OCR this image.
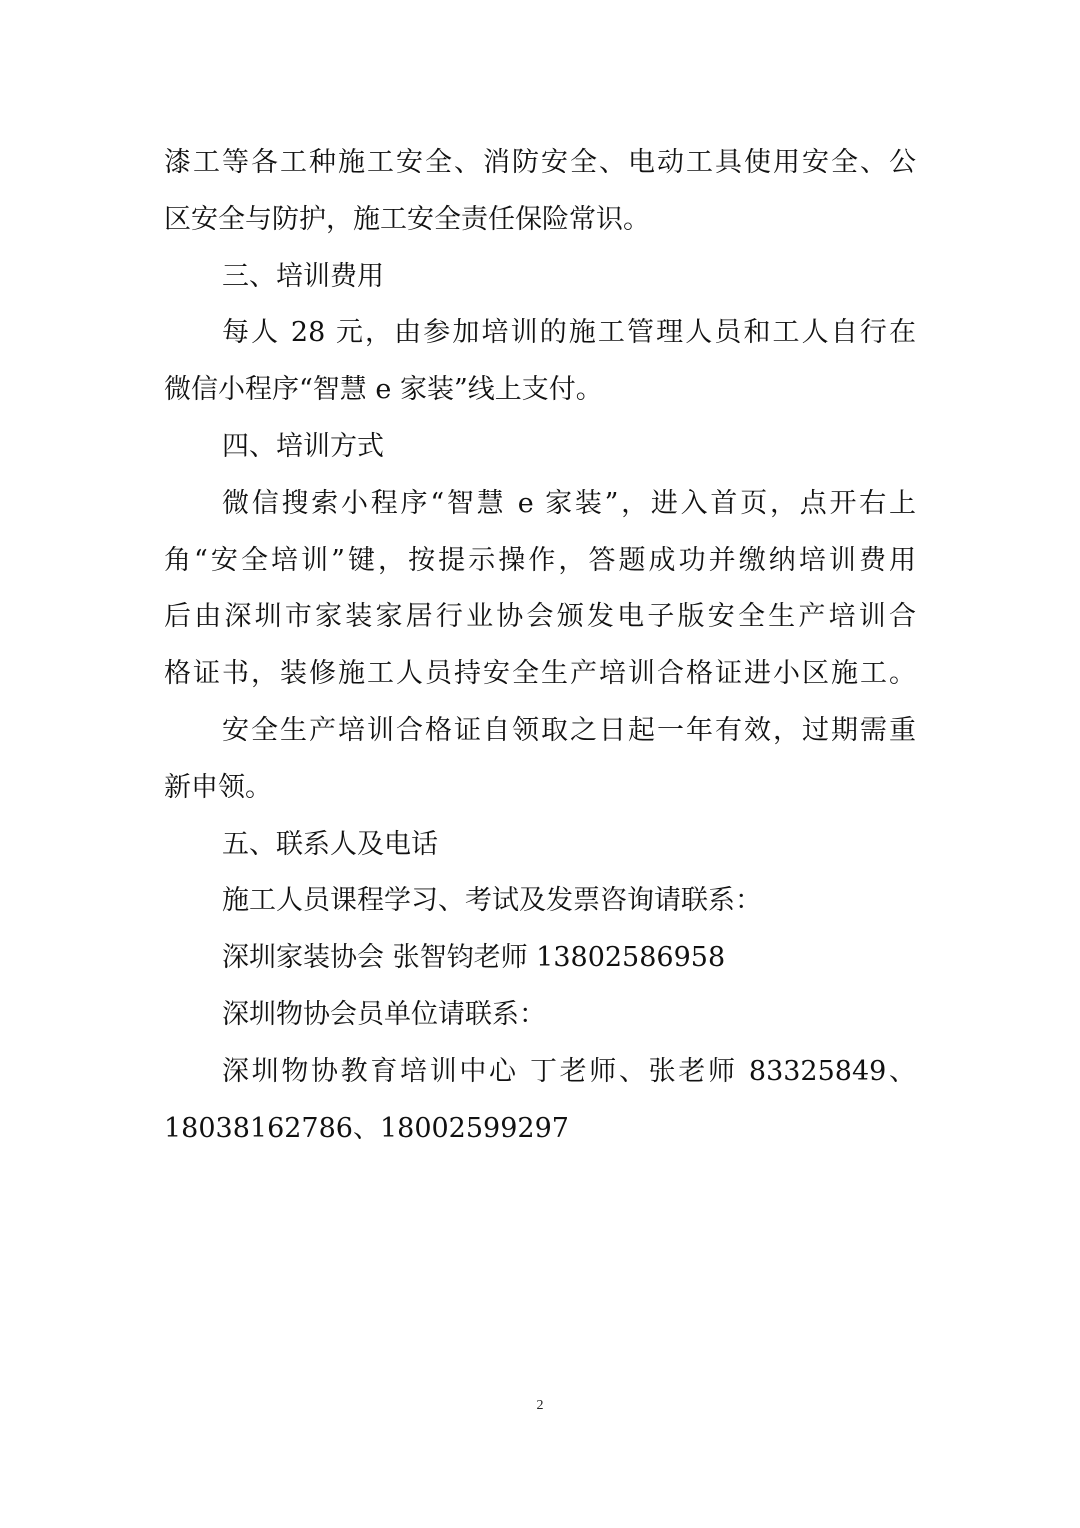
漆工等各工种施工安全、消防安全、电动工具使用安全、公
区安全与防护，施工安全责任保险常识。
三、培训费用
每人 28 元，由参加培训的施工管理人员和工人自行在
微信小程序“智慧 e 家装”线上支付。
四、培训方式
微信搜索小程序“智慧 e 家装”，进入首页，点开右上
角“安全培训”键，按提示操作，答题成功并缴纳培训费用
后由深圳市家装家居行业协会颁发电子版安全生产培训合
格证书，装修施工人员持安全生产培训合格证进小区施工。
安全生产培训合格证自领取之日起一年有效，过期需重
新申领。
五、联系人及电话
施工人员课程学习、考试及发票咨询请联系：
深圳家装协会 张智钧老师 13802586958
深圳物协会员单位请联系：
深圳物协教育培训中心 丁老师、张老师 83325849、
18038162786、18002599297
2
